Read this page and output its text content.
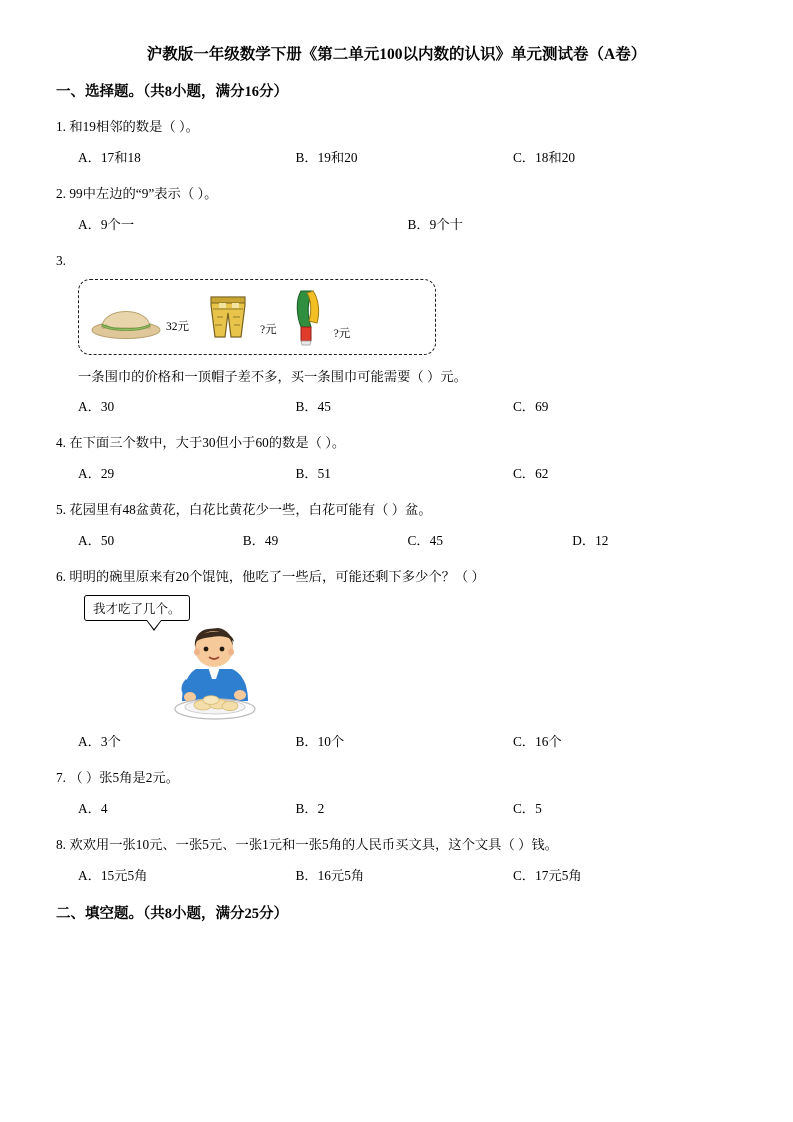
沪教版一年级数学下册《第二单元100以内数的认识》单元测试卷（A卷）
一、选择题。（共8小题，满分16分）
1. 和19相邻的数是（ ）。
A．17和18	B．19和20	C．18和20
2. 99中左边的“9”表示（ ）。
A．9个一	B．9个十
3.
32元	?元	?元
一条围巾的价格和一顶帽子差不多，买一条围巾可能需要（ ）元。
A．30	B．45	C．69
4. 在下面三个数中，大于30但小于60的数是（ ）。
A．29	B．51	C．62
5. 花园里有48盆黄花，白花比黄花少一些，白花可能有（ ）盆。
A．50	B．49	C．45	D．12
6. 明明的碗里原来有20个馄饨，他吃了一些后，可能还剩下多少个？（ ）
我才吃了几个。
A．3个	B．10个	C．16个
7. （ ）张5角是2元。
A．4	B．2	C．5
8. 欢欢用一张10元、一张5元、一张1元和一张5角的人民币买文具，这个文具（ ）钱。
A．15元5角	B．16元5角	C．17元5角
二、填空题。（共8小题，满分25分）
